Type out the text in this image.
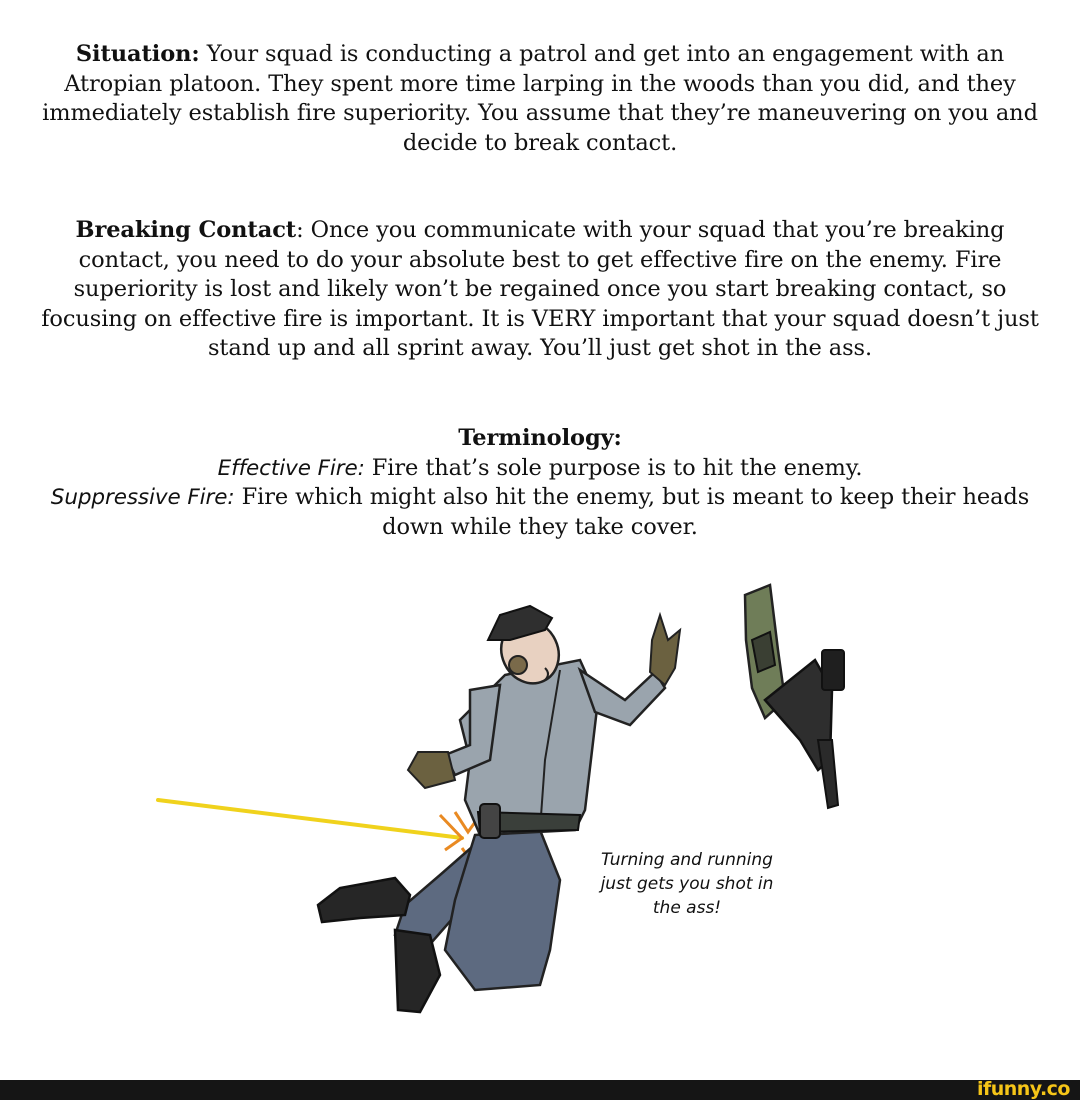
Situation: Your squad is conducting a patrol and get into an engagement with an Atropian platoon. They spent more time larping in the woods than you did, and they immediately establish fire superiority. You assume that they’re maneuvering on you and decide to break contact.
Breaking Contact: Once you communicate with your squad that you’re breaking contact, you need to do your absolute best to get effective fire on the enemy. Fire superiority is lost and likely won’t be regained once you start breaking contact, so focusing on effective fire is important. It is VERY important that your squad doesn’t just stand up and all sprint away. You’ll just get shot in the ass.
Terminology:
Effective Fire: Fire that’s sole purpose is to hit the enemy.
Suppressive Fire: Fire which might also hit the enemy, but is meant to keep their heads down while they take cover.
Turning and running just gets you shot in the ass!
ifunny.co
